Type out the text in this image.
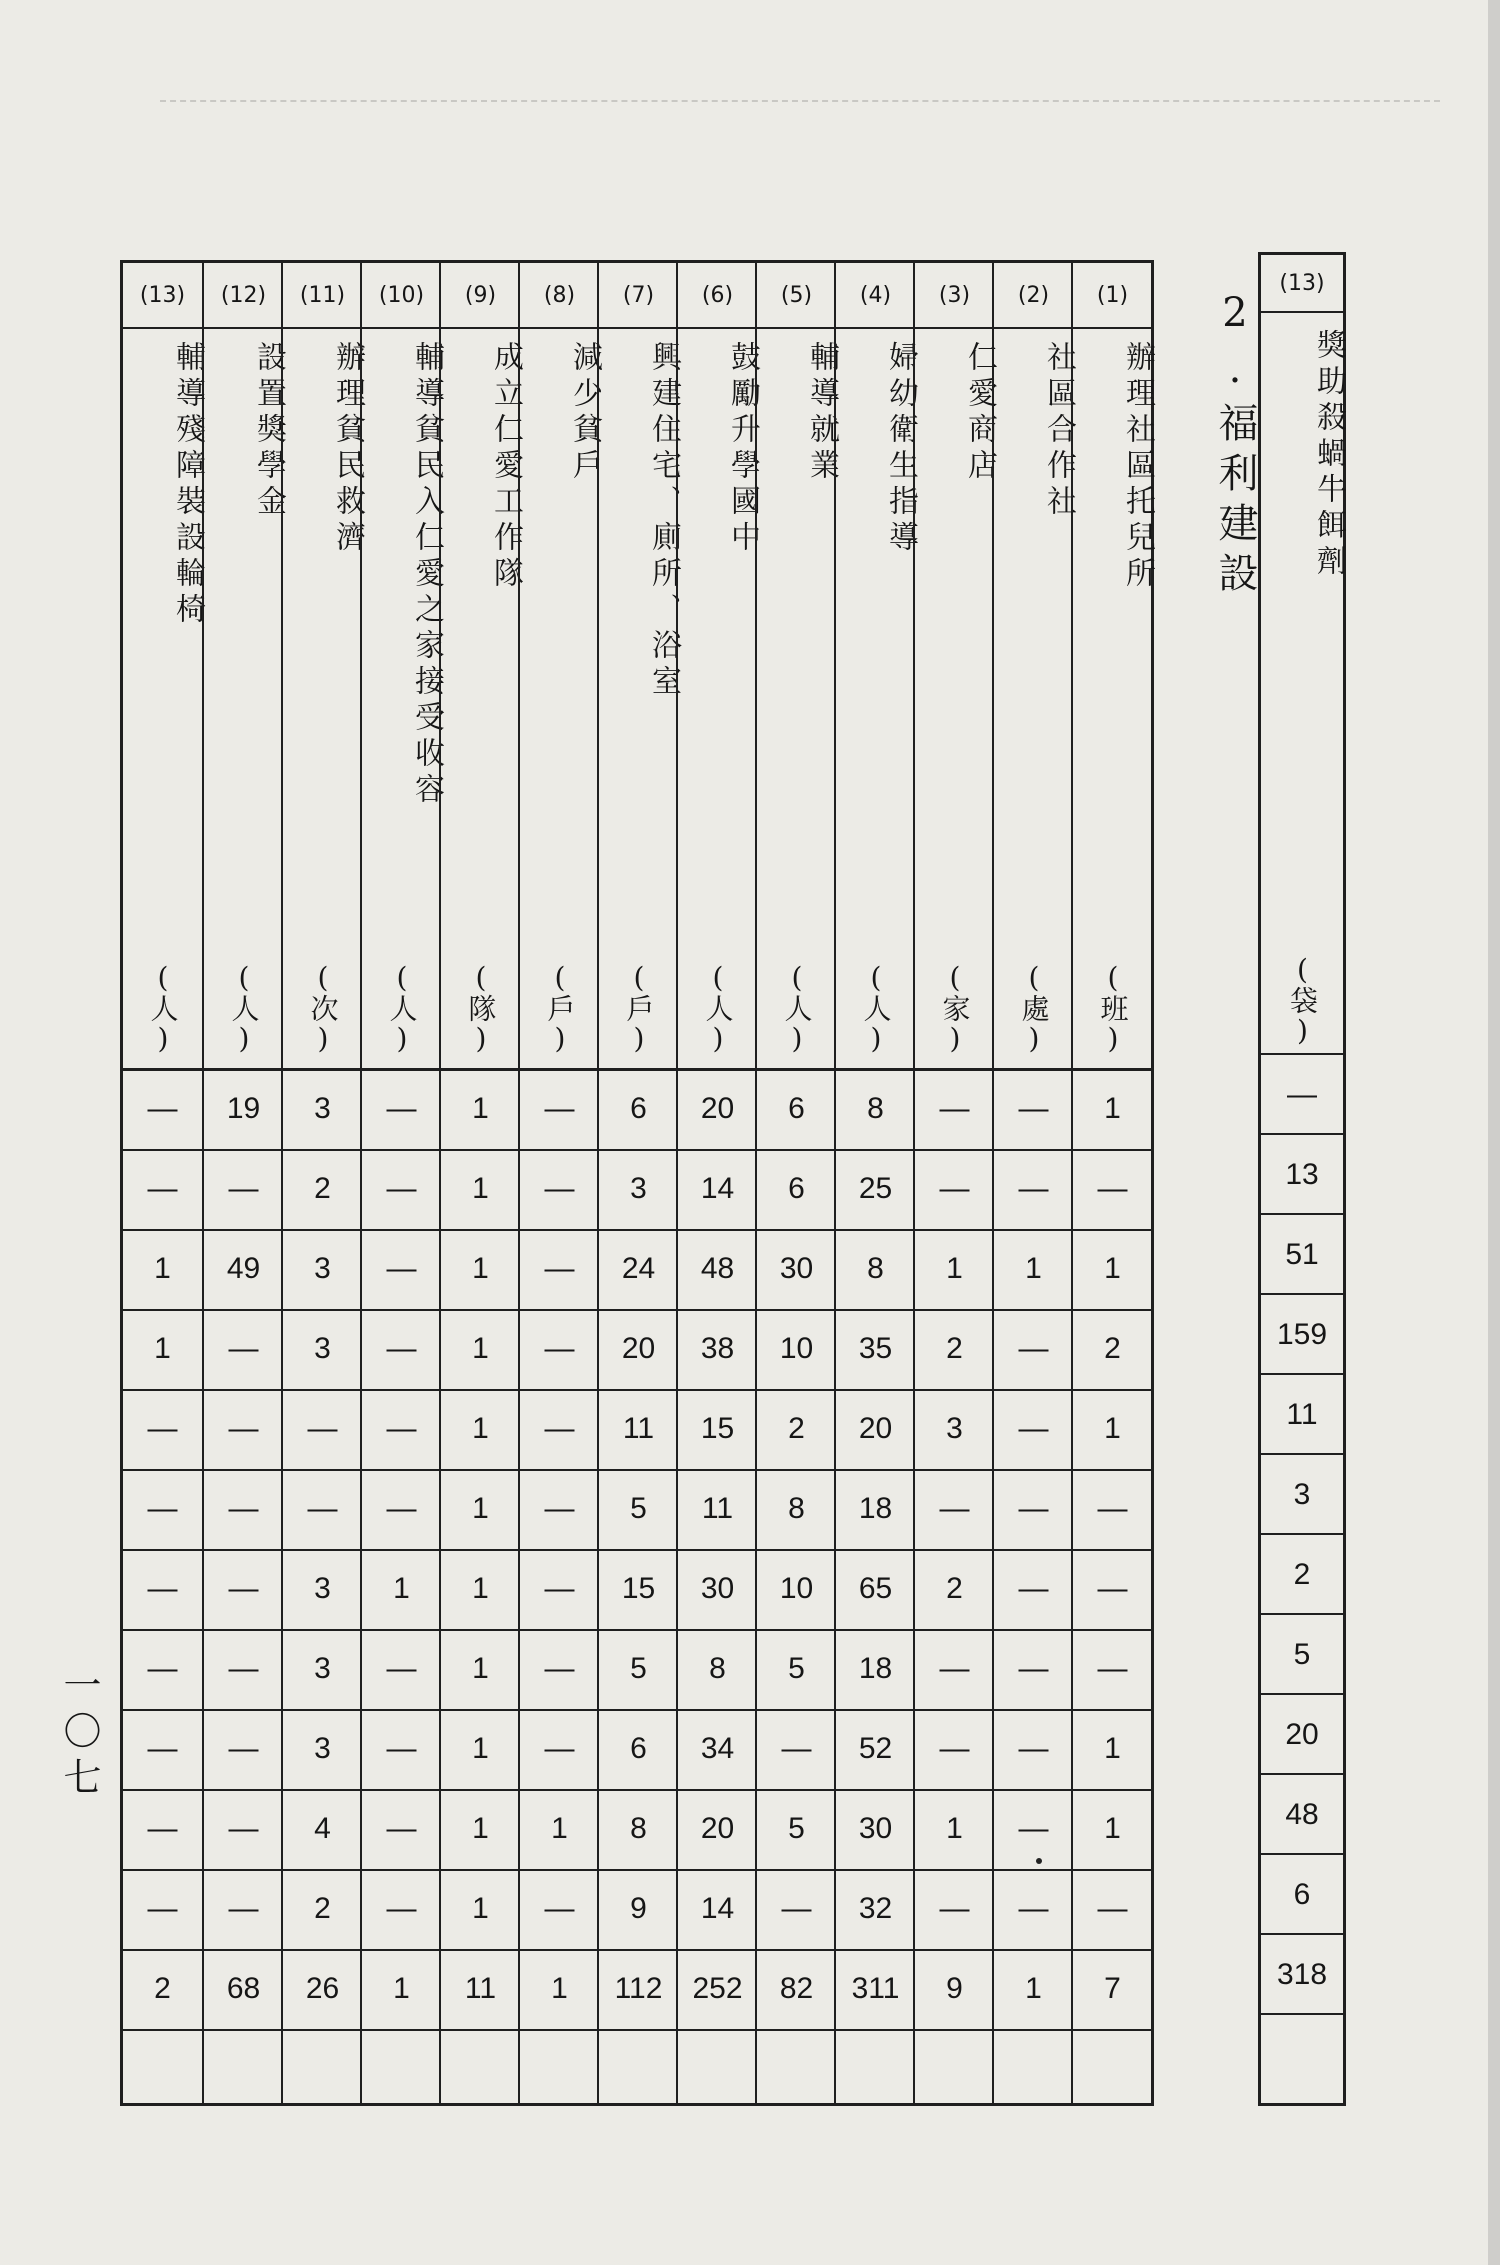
(13)
輔導殘障裝設輪椅
(人)
—
—
1
1
—
—
—
—
—
—
—
2
(12)
設置獎學金
(人)
19
—
49
—
—
—
—
—
—
—
—
68
(11)
辦理貧民救濟
(次)
3
2
3
3
—
—
3
3
3
4
2
26
(10)
輔導貧民入仁愛之家接受收容
(人)
—
—
—
—
—
—
1
—
—
—
—
1
(9)
成立仁愛工作隊
(隊)
1
1
1
1
1
1
1
1
1
1
1
11
(8)
減少貧戶
(戶)
—
—
—
—
—
—
—
—
—
1
—
1
(7)
興建住宅、廁所、浴室
(戶)
6
3
24
20
11
5
15
5
6
8
9
112
(6)
鼓勵升學國中
(人)
20
14
48
38
15
11
30
8
34
20
14
252
(5)
輔導就業
(人)
6
6
30
10
2
8
10
5
—
5
—
82
(4)
婦幼衛生指導
(人)
8
25
8
35
20
18
65
18
52
30
32
311
(3)
仁愛商店
(家)
—
—
1
2
3
—
2
—
—
1
—
9
(2)
社區合作社
(處)
—
—
1
—
—
—
—
—
—
—
—
1
(1)
辦理社區托兒所
(班)
1
—
1
2
1
—
—
—
1
1
—
7
2.福利建設
(13)
獎助殺蝸牛餌劑
(袋)
—
13
51
159
11
3
2
5
20
48
6
318
一〇七
